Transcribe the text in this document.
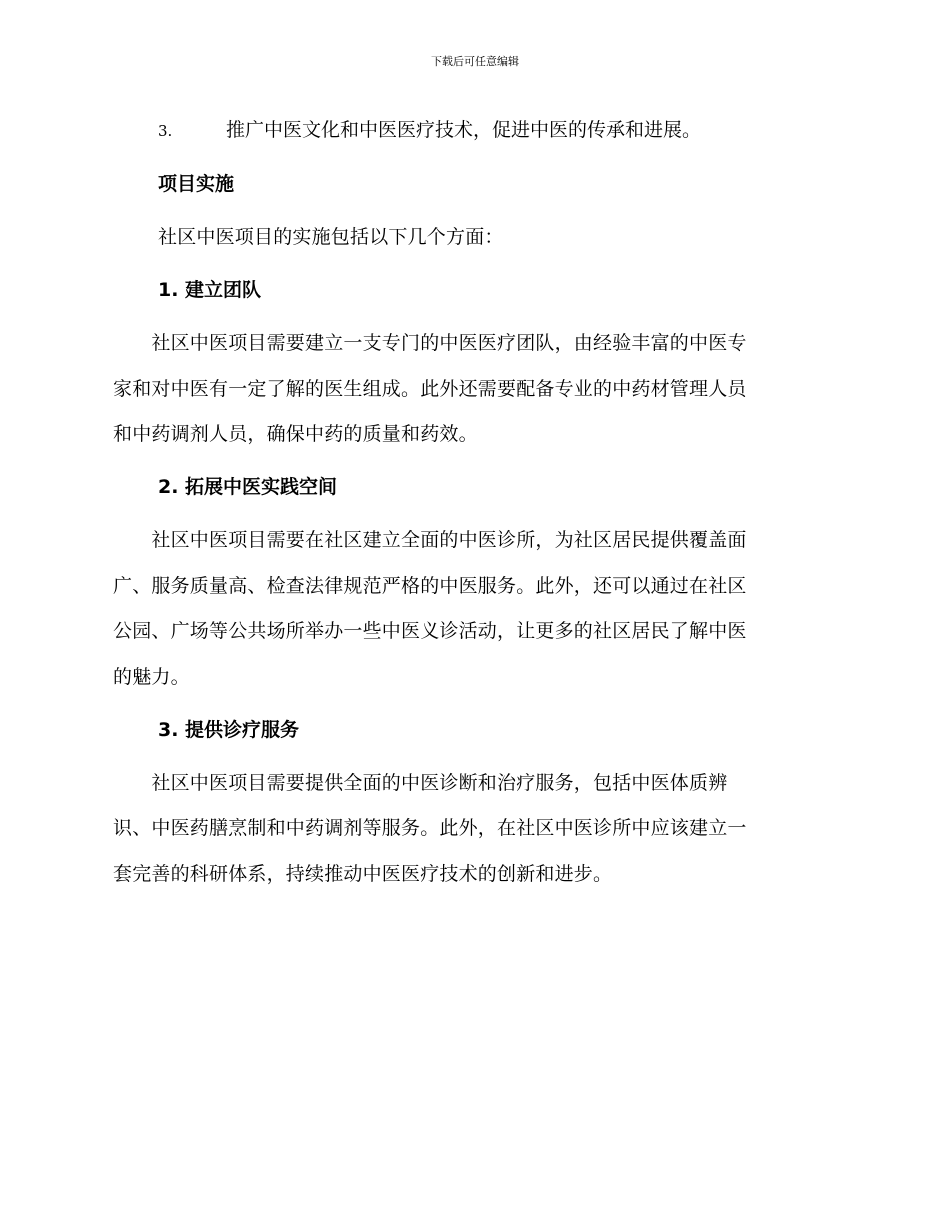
下载后可任意编辑
3.	推广中医文化和中医医疗技术，促进中医的传承和进展。
项目实施
社区中医项目的实施包括以下几个方面：
1. 建立团队
　　社区中医项目需要建立一支专门的中医医疗团队，由经验丰富的中医专
家和对中医有一定了解的医生组成。此外还需要配备专业的中药材管理人员
和中药调剂人员，确保中药的质量和药效。
2. 拓展中医实践空间
　　社区中医项目需要在社区建立全面的中医诊所，为社区居民提供覆盖面
广、服务质量高、检查法律规范严格的中医服务。此外，还可以通过在社区
公园、广场等公共场所举办一些中医义诊活动，让更多的社区居民了解中医
的魅力。
3. 提供诊疗服务
　　社区中医项目需要提供全面的中医诊断和治疗服务，包括中医体质辨
识、中医药膳烹制和中药调剂等服务。此外，在社区中医诊所中应该建立一
套完善的科研体系，持续推动中医医疗技术的创新和进步。
